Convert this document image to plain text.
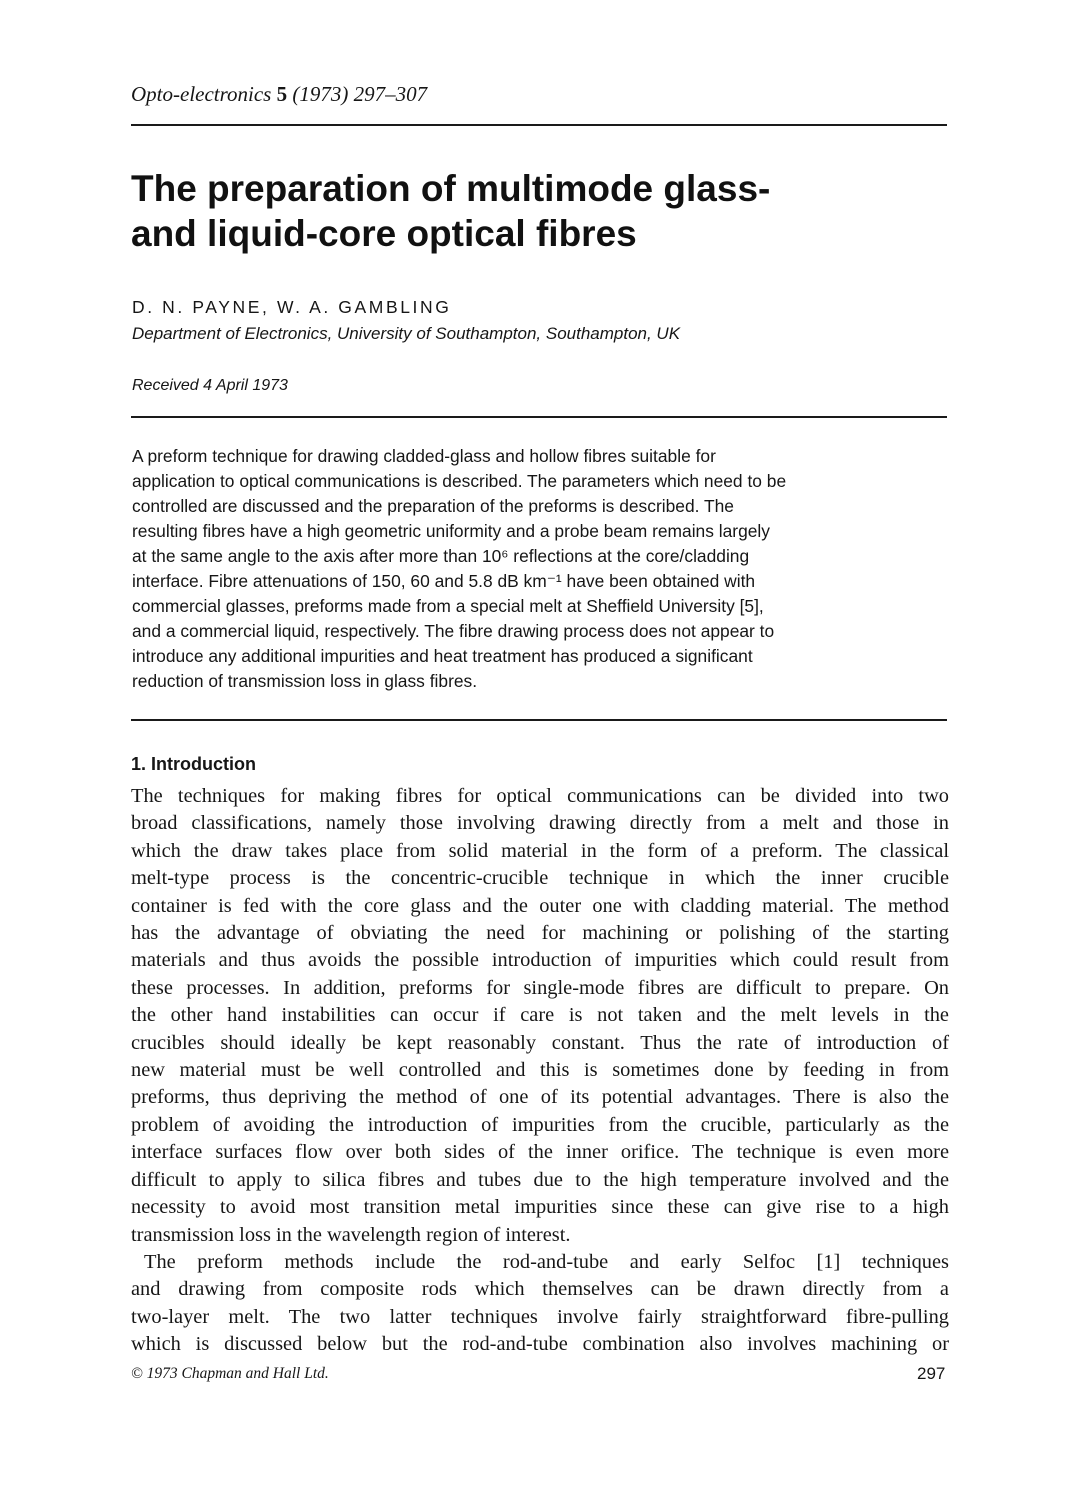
Opto-electronics 5 (1973) 297–307
The preparation of multimode glass-
and liquid-core optical fibres
D. N. PAYNE, W. A. GAMBLING
Department of Electronics, University of Southampton, Southampton, UK
Received 4 April 1973
A preform technique for drawing cladded-glass and hollow fibres suitable for
application to optical communications is described. The parameters which need to be
controlled are discussed and the preparation of the preforms is described. The
resulting fibres have a high geometric uniformity and a probe beam remains largely
at the same angle to the axis after more than 10⁶ reflections at the core/cladding
interface. Fibre attenuations of 150, 60 and 5.8 dB km⁻¹ have been obtained with
commercial glasses, preforms made from a special melt at Sheffield University [5],
and a commercial liquid, respectively. The fibre drawing process does not appear to
introduce any additional impurities and heat treatment has produced a significant
reduction of transmission loss in glass fibres.
1. Introduction
The techniques for making fibres for optical communications can be divided into two
broad classifications, namely those involving drawing directly from a melt and those in
which the draw takes place from solid material in the form of a preform. The classical
melt-type process is the concentric-crucible technique in which the inner crucible
container is fed with the core glass and the outer one with cladding material. The method
has the advantage of obviating the need for machining or polishing of the starting
materials and thus avoids the possible introduction of impurities which could result from
these processes. In addition, preforms for single-mode fibres are difficult to prepare. On
the other hand instabilities can occur if care is not taken and the melt levels in the
crucibles should ideally be kept reasonably constant. Thus the rate of introduction of
new material must be well controlled and this is sometimes done by feeding in from
preforms, thus depriving the method of one of its potential advantages. There is also the
problem of avoiding the introduction of impurities from the crucible, particularly as the
interface surfaces flow over both sides of the inner orifice. The technique is even more
difficult to apply to silica fibres and tubes due to the high temperature involved and the
necessity to avoid most transition metal impurities since these can give rise to a high
transmission loss in the wavelength region of interest.
The preform methods include the rod-and-tube and early Selfoc [1] techniques
and drawing from composite rods which themselves can be drawn directly from a
two-layer melt. The two latter techniques involve fairly straightforward fibre-pulling
which is discussed below but the rod-and-tube combination also involves machining or
© 1973 Chapman and Hall Ltd.	297
